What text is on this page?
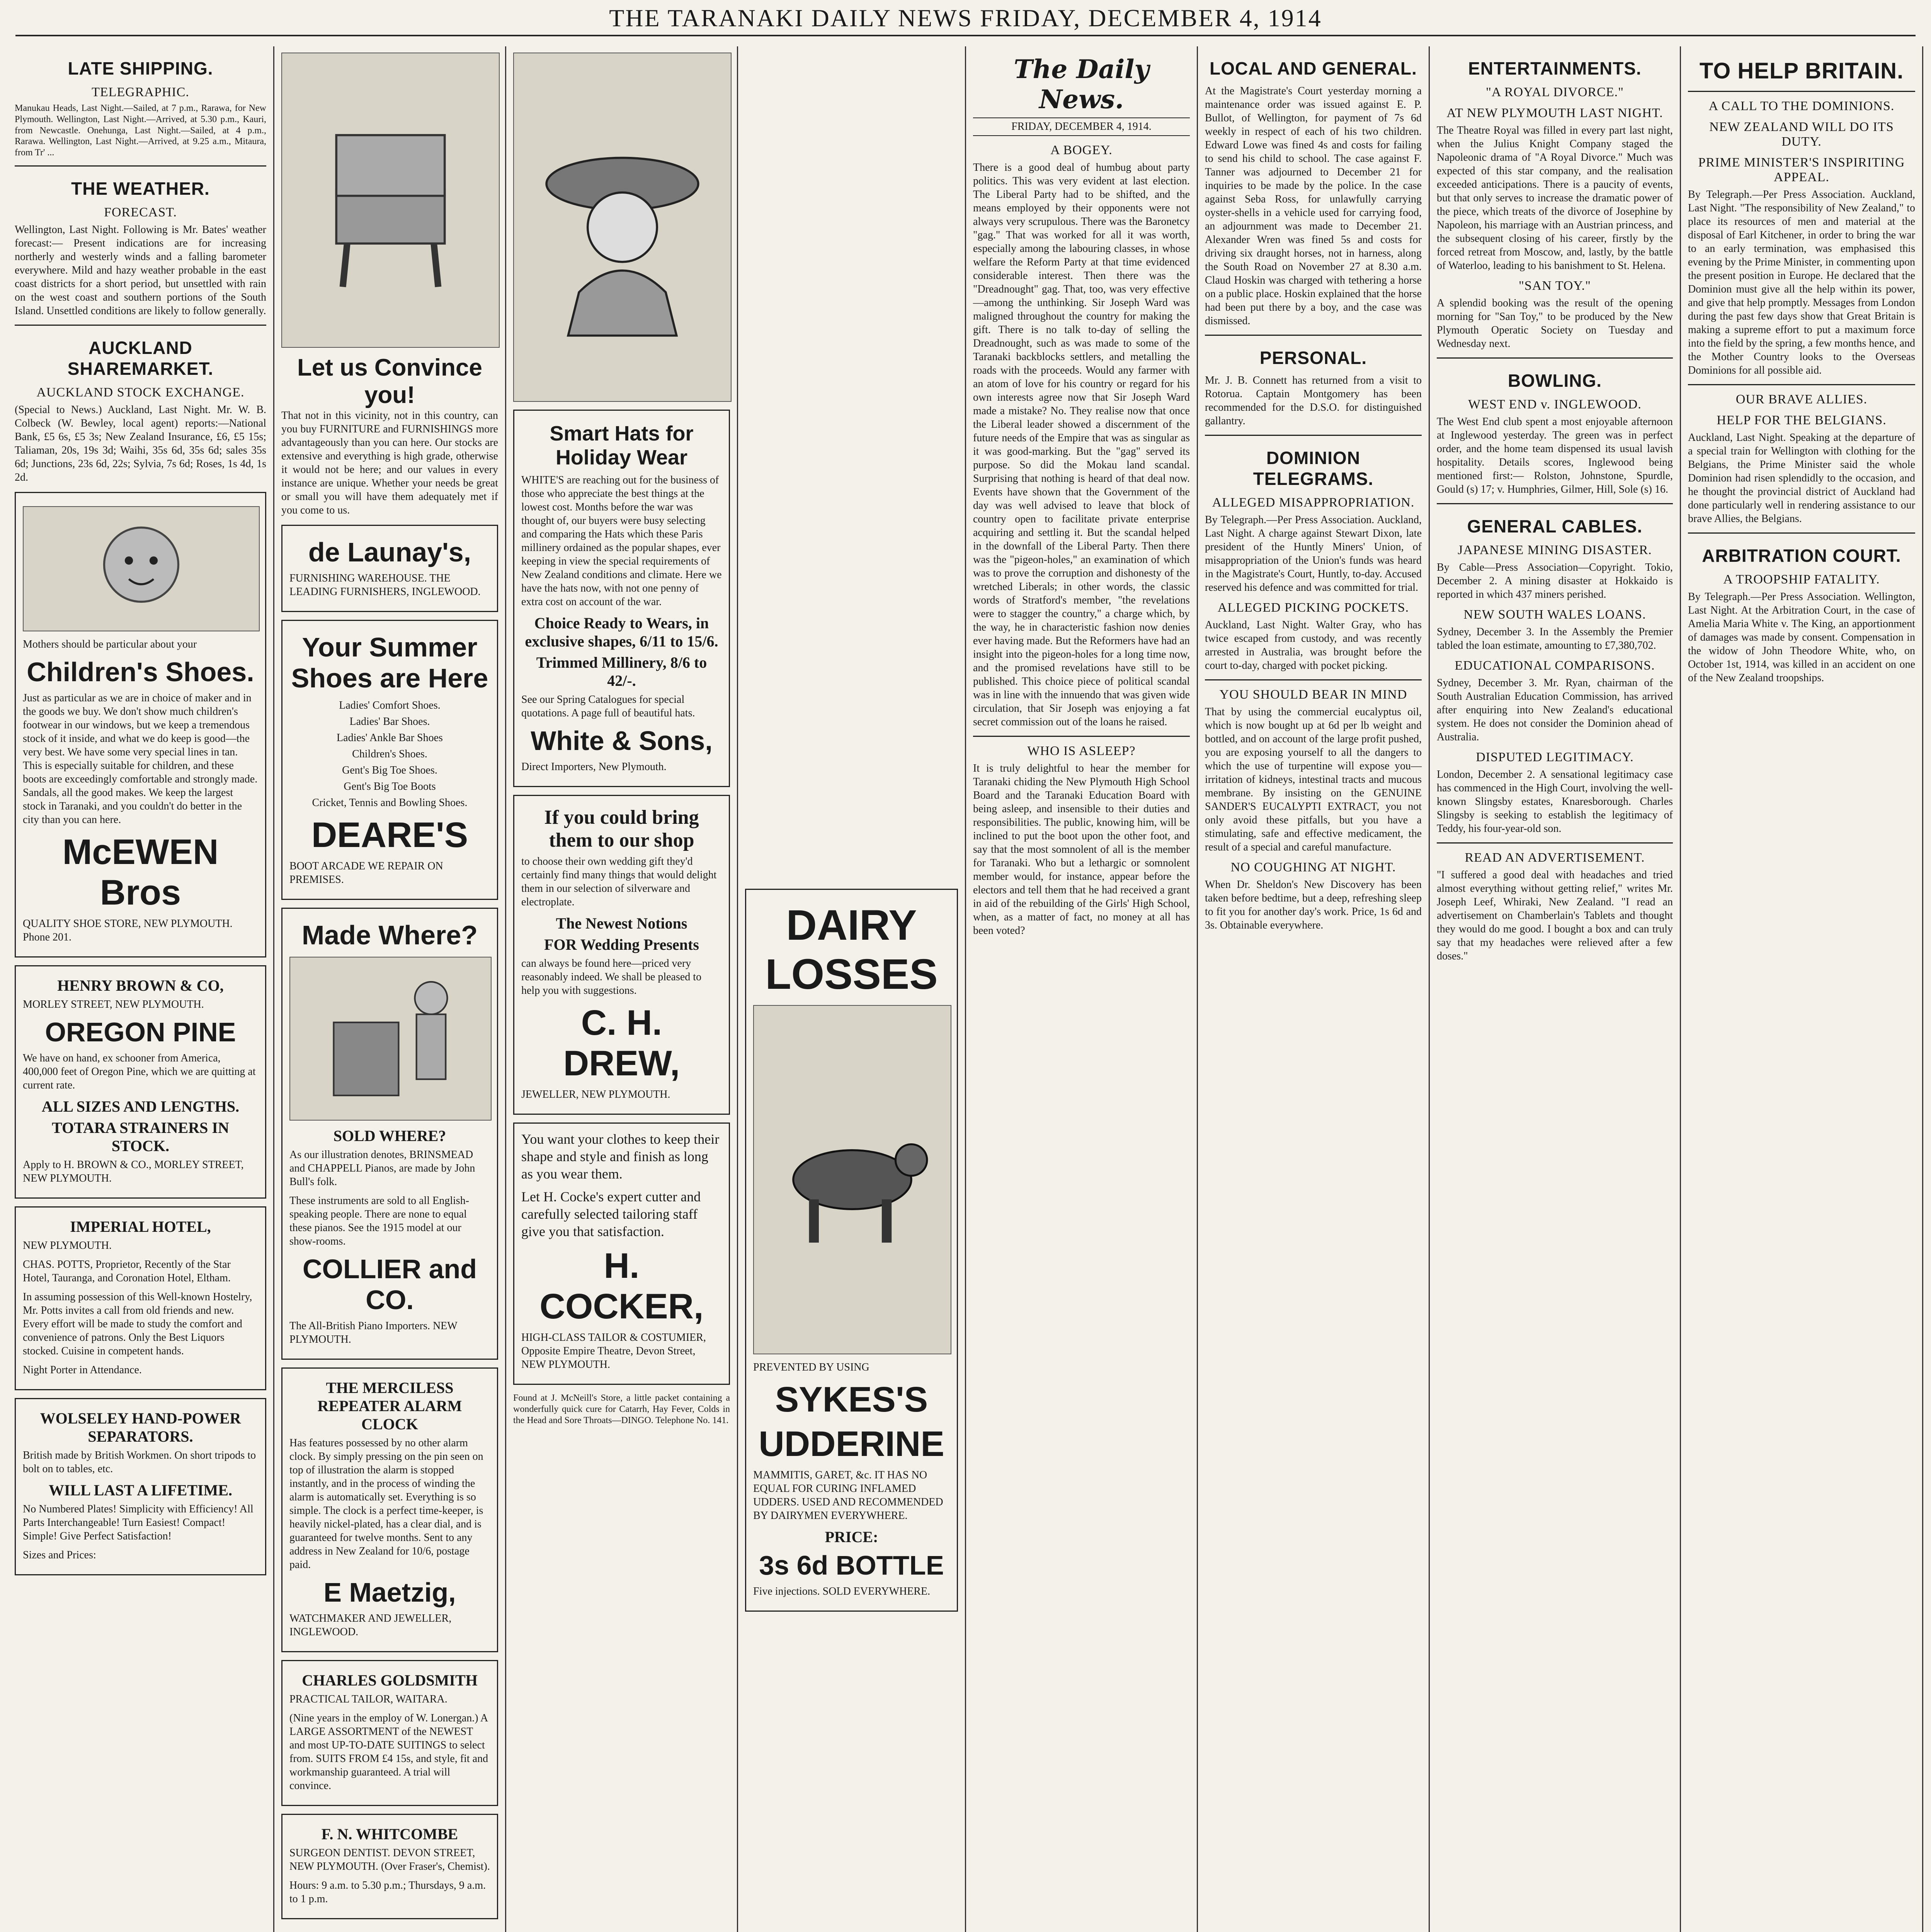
THE TARANAKI DAILY NEWS FRIDAY, DECEMBER 4, 1914
LATE SHIPPING.
TELEGRAPHIC.

Manukau Heads, Last Night.—Sailed, at 7 p.m., Rarawa, for New Plymouth. Wellington, Last Night.—Arrived, at 5.30 p.m., Kauri, from Newcastle. Onehunga, Last Night.—Sailed, at 4 p.m., Rarawa. Wellington, Last Night.—Arrived, at 9.25 a.m., Mitaura, from Tr' ...

THE WEATHER.
FORECAST.

Wellington, Last Night. Following is Mr. Bates' weather forecast:— Present indications are for increasing northerly and westerly winds and a falling barometer everywhere. Mild and hazy weather probable in the east coast districts for a short period, but unsettled with rain on the west coast and southern portions of the South Island. Unsettled conditions are likely to follow generally.

AUCKLAND SHAREMARKET.
AUCKLAND STOCK EXCHANGE.

(Special to News.) Auckland, Last Night. Mr. W. B. Colbeck (W. Bewley, local agent) reports:—National Bank, £5 6s, £5 3s; New Zealand Insurance, £6, £5 15s; Taliaman, 20s, 19s 3d; Waihi, 35s 6d, 35s 6d; sales 35s 6d; Junctions, 23s 6d, 22s; Sylvia, 7s 6d; Roses, 1s 4d, 1s 2d.

Mothers should be particular about your

Children's Shoes.

Just as particular as we are in choice of maker and in the goods we buy. We don't show much children's footwear in our windows, but we keep a tremendous stock of it inside, and what we do keep is good—the very best. We have some very special lines in tan. This is especially suitable for children, and these boots are exceedingly comfortable and strongly made. Sandals, all the good makes. We keep the largest stock in Taranaki, and you couldn't do better in the city than you can here.

McEWEN Bros

QUALITY SHOE STORE, NEW PLYMOUTH. Phone 201.

HENRY BROWN & CO,

MORLEY STREET, NEW PLYMOUTH.

OREGON PINE

We have on hand, ex schooner from America, 400,000 feet of Oregon Pine, which we are quitting at current rate.

ALL SIZES AND LENGTHS.
TOTARA STRAINERS IN STOCK.

Apply to H. BROWN & CO., MORLEY STREET, NEW PLYMOUTH.

IMPERIAL HOTEL,

NEW PLYMOUTH.

CHAS. POTTS, Proprietor, Recently of the Star Hotel, Tauranga, and Coronation Hotel, Eltham.

In assuming possession of this Well-known Hostelry, Mr. Potts invites a call from old friends and new. Every effort will be made to study the comfort and convenience of patrons. Only the Best Liquors stocked. Cuisine in competent hands.

Night Porter in Attendance.

WOLSELEY HAND-POWER SEPARATORS.

British made by British Workmen. On short tripods to bolt on to tables, etc.

WILL LAST A LIFETIME.

No Numbered Plates! Simplicity with Efficiency! All Parts Interchangeable! Turn Easiest! Compact! Simple! Give Perfect Satisfaction!

Sizes and Prices:

Let us Convince you!

That not in this vicinity, not in this country, can you buy FURNITURE and FURNISHINGS more advantageously than you can here. Our stocks are extensive and everything is high grade, otherwise it would not be here; and our values in every instance are unique. Whether your needs be great or small you will have them adequately met if you come to us.

de Launay's,

FURNISHING WAREHOUSE. THE LEADING FURNISHERS, INGLEWOOD.

Your Summer Shoes are Here
Ladies' Comfort Shoes.
Ladies' Bar Shoes.
Ladies' Ankle Bar Shoes
Children's Shoes.
Gent's Big Toe Shoes.
Gent's Big Toe Boots
Cricket, Tennis and Bowling Shoes.
DEARE'S

BOOT ARCADE WE REPAIR ON PREMISES.

Made Where?
SOLD WHERE?

As our illustration denotes, BRINSMEAD and CHAPPELL Pianos, are made by John Bull's folk.

These instruments are sold to all English-speaking people. There are none to equal these pianos. See the 1915 model at our show-rooms.

COLLIER and CO.

The All-British Piano Importers. NEW PLYMOUTH.

THE MERCILESS REPEATER ALARM CLOCK

Has features possessed by no other alarm clock. By simply pressing on the pin seen on top of illustration the alarm is stopped instantly, and in the process of winding the alarm is automatically set. Everything is so simple. The clock is a perfect time-keeper, is heavily nickel-plated, has a clear dial, and is guaranteed for twelve months. Sent to any address in New Zealand for 10/6, postage paid.

E Maetzig,

WATCHMAKER AND JEWELLER, INGLEWOOD.

CHARLES GOLDSMITH

PRACTICAL TAILOR, WAITARA.

(Nine years in the employ of W. Lonergan.) A LARGE ASSORTMENT of the NEWEST and most UP-TO-DATE SUITINGS to select from. SUITS FROM £4 15s, and style, fit and workmanship guaranteed. A trial will convince.

F. N. WHITCOMBE

SURGEON DENTIST. DEVON STREET, NEW PLYMOUTH. (Over Fraser's, Chemist).

Hours: 9 a.m. to 5.30 p.m.; Thursdays, 9 a.m. to 1 p.m.

Smart Hats for Holiday Wear

WHITE'S are reaching out for the business of those who appreciate the best things at the lowest cost. Months before the war was thought of, our buyers were busy selecting and comparing the Hats which these Paris millinery ordained as the popular shapes, ever keeping in view the special requirements of New Zealand conditions and climate. Here we have the hats now, with not one penny of extra cost on account of the war.

Choice Ready to Wears, in exclusive shapes, 6/11 to 15/6.
Trimmed Millinery, 8/6 to 42/-.

See our Spring Catalogues for special quotations. A page full of beautiful hats.

White & Sons,

Direct Importers, New Plymouth.

If you could bring them to our shop

to choose their own wedding gift they'd certainly find many things that would delight them in our selection of silverware and electroplate.

The Newest Notions
FOR Wedding Presents

can always be found here—priced very reasonably indeed. We shall be pleased to help you with suggestions.

C. H. DREW,

JEWELLER, NEW PLYMOUTH.

You want your clothes to keep their shape and style and finish as long as you wear them.

Let H. Cocke's expert cutter and carefully selected tailoring staff give you that satisfaction.

H. COCKER,

HIGH-CLASS TAILOR & COSTUMIER, Opposite Empire Theatre, Devon Street, NEW PLYMOUTH.

Found at J. McNeill's Store, a little packet containing a wonderfully quick cure for Catarrh, Hay Fever, Colds in the Head and Sore Throats—DINGO. Telephone No. 141.

DAIRY LOSSES

PREVENTED BY USING

SYKES'S
UDDERINE

MAMMITIS, GARET, &c. IT HAS NO EQUAL FOR CURING INFLAMED UDDERS. USED AND RECOMMENDED BY DAIRYMEN EVERYWHERE.

PRICE:
3s 6d BOTTLE

Five injections. SOLD EVERYWHERE.

The Daily News.
FRIDAY, DECEMBER 4, 1914.
A BOGEY.

There is a good deal of humbug about party politics. This was very evident at last election. The Liberal Party had to be shifted, and the means employed by their opponents were not always very scrupulous. There was the Baronetcy "gag." That was worked for all it was worth, especially among the labouring classes, in whose welfare the Reform Party at that time evidenced considerable interest. Then there was the "Dreadnought" gag. That, too, was very effective—among the unthinking. Sir Joseph Ward was maligned throughout the country for making the gift. There is no talk to-day of selling the Dreadnought, such as was made to some of the Taranaki backblocks settlers, and metalling the roads with the proceeds. Would any farmer with an atom of love for his country or regard for his own interests agree now that Sir Joseph Ward made a mistake? No. They realise now that once the Liberal leader showed a discernment of the future needs of the Empire that was as singular as it was good-marking. But the "gag" served its purpose. So did the Mokau land scandal. Surprising that nothing is heard of that deal now. Events have shown that the Government of the day was well advised to leave that block of country open to facilitate private enterprise acquiring and settling it. But the scandal helped in the downfall of the Liberal Party. Then there was the "pigeon-holes," an examination of which was to prove the corruption and dishonesty of the wretched Liberals; in other words, the classic words of Stratford's member, "the revelations were to stagger the country," a charge which, by the way, he in characteristic fashion now denies ever having made. But the Reformers have had an insight into the pigeon-holes for a long time now, and the promised revelations have still to be published. This choice piece of political scandal was in line with the innuendo that was given wide circulation, that Sir Joseph was enjoying a fat secret commission out of the loans he raised.

WHO IS ASLEEP?

It is truly delightful to hear the member for Taranaki chiding the New Plymouth High School Board and the Taranaki Education Board with being asleep, and insensible to their duties and responsibilities. The public, knowing him, will be inclined to put the boot upon the other foot, and say that the most somnolent of all is the member for Taranaki. Who but a lethargic or somnolent member would, for instance, appear before the electors and tell them that he had received a grant in aid of the rebuilding of the Girls' High School, when, as a matter of fact, no money at all has been voted?

LOCAL AND GENERAL.

At the Magistrate's Court yesterday morning a maintenance order was issued against E. P. Bullot, of Wellington, for payment of 7s 6d weekly in respect of each of his two children. Edward Lowe was fined 4s and costs for failing to send his child to school. The case against F. Tanner was adjourned to December 21 for inquiries to be made by the police. In the case against Seba Ross, for unlawfully carrying oyster-shells in a vehicle used for carrying food, an adjournment was made to December 21. Alexander Wren was fined 5s and costs for driving six draught horses, not in harness, along the South Road on November 27 at 8.30 a.m. Claud Hoskin was charged with tethering a horse on a public place. Hoskin explained that the horse had been put there by a boy, and the case was dismissed.

PERSONAL.

Mr. J. B. Connett has returned from a visit to Rotorua. Captain Montgomery has been recommended for the D.S.O. for distinguished gallantry.

DOMINION TELEGRAMS.
ALLEGED MISAPPROPRIATION.

By Telegraph.—Per Press Association. Auckland, Last Night. A charge against Stewart Dixon, late president of the Huntly Miners' Union, of misappropriation of the Union's funds was heard in the Magistrate's Court, Huntly, to-day. Accused reserved his defence and was committed for trial.

ALLEGED PICKING POCKETS.

Auckland, Last Night. Walter Gray, who has twice escaped from custody, and was recently arrested in Australia, was brought before the court to-day, charged with pocket picking.

YOU SHOULD BEAR IN MIND

That by using the commercial eucalyptus oil, which is now bought up at 6d per lb weight and bottled, and on account of the large profit pushed, you are exposing yourself to all the dangers to which the use of turpentine will expose you—irritation of kidneys, intestinal tracts and mucous membrane. By insisting on the GENUINE SANDER'S EUCALYPTI EXTRACT, you not only avoid these pitfalls, but you have a stimulating, safe and effective medicament, the result of a special and careful manufacture.

NO COUGHING AT NIGHT.

When Dr. Sheldon's New Discovery has been taken before bedtime, but a deep, refreshing sleep to fit you for another day's work. Price, 1s 6d and 3s. Obtainable everywhere.

ENTERTAINMENTS.
"A ROYAL DIVORCE."
AT NEW PLYMOUTH LAST NIGHT.

The Theatre Royal was filled in every part last night, when the Julius Knight Company staged the Napoleonic drama of "A Royal Divorce." Much was expected of this star company, and the realisation exceeded anticipations. There is a paucity of events, but that only serves to increase the dramatic power of the piece, which treats of the divorce of Josephine by Napoleon, his marriage with an Austrian princess, and the subsequent closing of his career, firstly by the forced retreat from Moscow, and, lastly, by the battle of Waterloo, leading to his banishment to St. Helena.

"SAN TOY."

A splendid booking was the result of the opening morning for "San Toy," to be produced by the New Plymouth Operatic Society on Tuesday and Wednesday next.

BOWLING.
WEST END v. INGLEWOOD.

The West End club spent a most enjoyable afternoon at Inglewood yesterday. The green was in perfect order, and the home team dispensed its usual lavish hospitality. Details scores, Inglewood being mentioned first:— Rolston, Johnstone, Spurdle, Gould (s) 17; v. Humphries, Gilmer, Hill, Sole (s) 16.

GENERAL CABLES.
JAPANESE MINING DISASTER.

By Cable—Press Association—Copyright. Tokio, December 2. A mining disaster at Hokkaido is reported in which 437 miners perished.

NEW SOUTH WALES LOANS.

Sydney, December 3. In the Assembly the Premier tabled the loan estimate, amounting to £7,380,702.

EDUCATIONAL COMPARISONS.

Sydney, December 3. Mr. Ryan, chairman of the South Australian Education Commission, has arrived after enquiring into New Zealand's educational system. He does not consider the Dominion ahead of Australia.

DISPUTED LEGITIMACY.

London, December 2. A sensational legitimacy case has commenced in the High Court, involving the well-known Slingsby estates, Knaresborough. Charles Slingsby is seeking to establish the legitimacy of Teddy, his four-year-old son.

READ AN ADVERTISEMENT.

"I suffered a good deal with headaches and tried almost everything without getting relief," writes Mr. Joseph Leef, Whiraki, New Zealand. "I read an advertisement on Chamberlain's Tablets and thought they would do me good. I bought a box and can truly say that my headaches were relieved after a few doses."

TO HELP BRITAIN.
A CALL TO THE DOMINIONS.
NEW ZEALAND WILL DO ITS DUTY.
PRIME MINISTER'S INSPIRITING APPEAL.

By Telegraph.—Per Press Association. Auckland, Last Night. "The responsibility of New Zealand," to place its resources of men and material at the disposal of Earl Kitchener, in order to bring the war to an early termination, was emphasised this evening by the Prime Minister, in commenting upon the present position in Europe. He declared that the Dominion must give all the help within its power, and give that help promptly. Messages from London during the past few days show that Great Britain is making a supreme effort to put a maximum force into the field by the spring, a few months hence, and the Mother Country looks to the Overseas Dominions for all possible aid.

OUR BRAVE ALLIES.
HELP FOR THE BELGIANS.

Auckland, Last Night. Speaking at the departure of a special train for Wellington with clothing for the Belgians, the Prime Minister said the whole Dominion had risen splendidly to the occasion, and he thought the provincial district of Auckland had done particularly well in rendering assistance to our brave Allies, the Belgians.

ARBITRATION COURT.
A TROOPSHIP FATALITY.

By Telegraph.—Per Press Association. Wellington, Last Night. At the Arbitration Court, in the case of Amelia Maria White v. The King, an apportionment of damages was made by consent. Compensation in the widow of John Theodore White, who, on October 1st, 1914, was killed in an accident on one of the New Zealand troopships.
